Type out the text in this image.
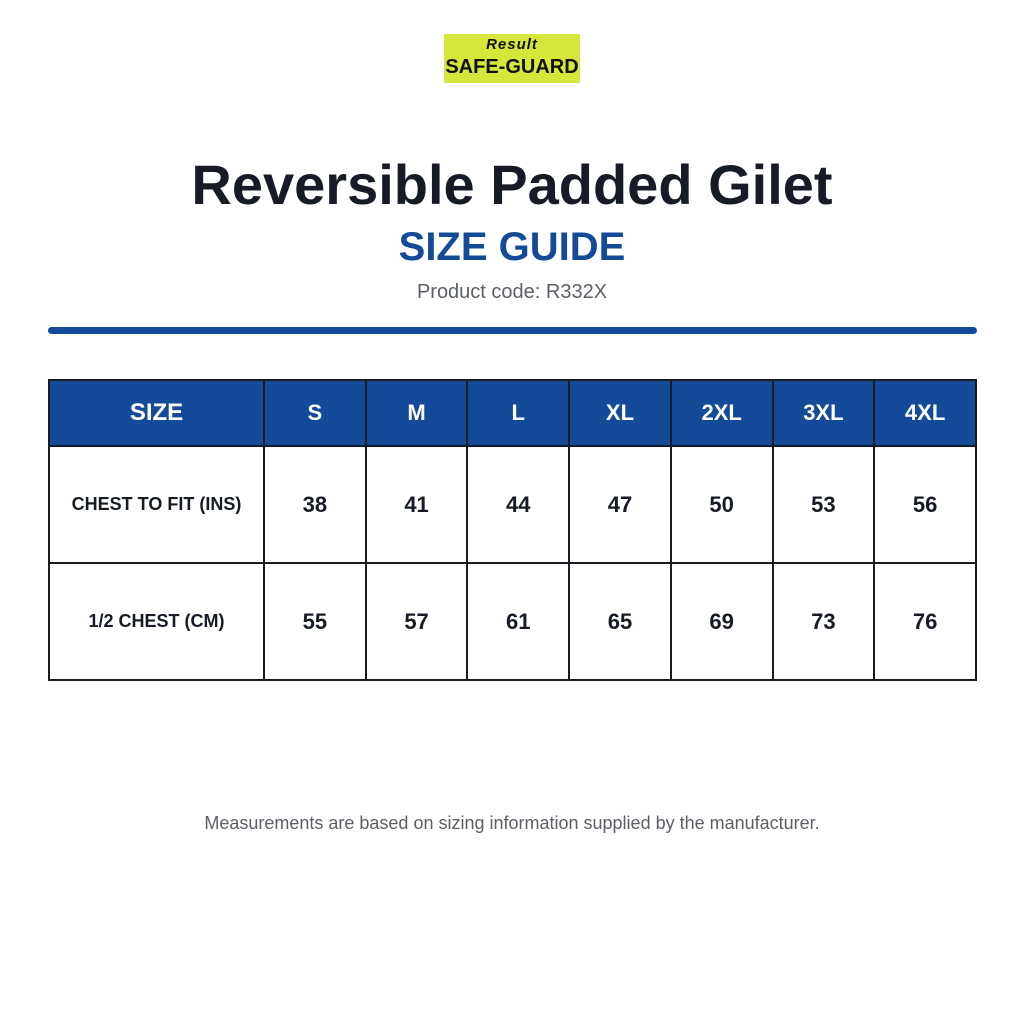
Result
SAFE-GUARD
Reversible Padded Gilet
SIZE GUIDE
Product code: R332X
SIZE	S	M	L	XL	2XL	3XL	4XL
CHEST TO FIT (INS)	38	41	44	47	50	53	56
1/2 CHEST (CM)	55	57	61	65	69	73	76
Measurements are based on sizing information supplied by the manufacturer.
